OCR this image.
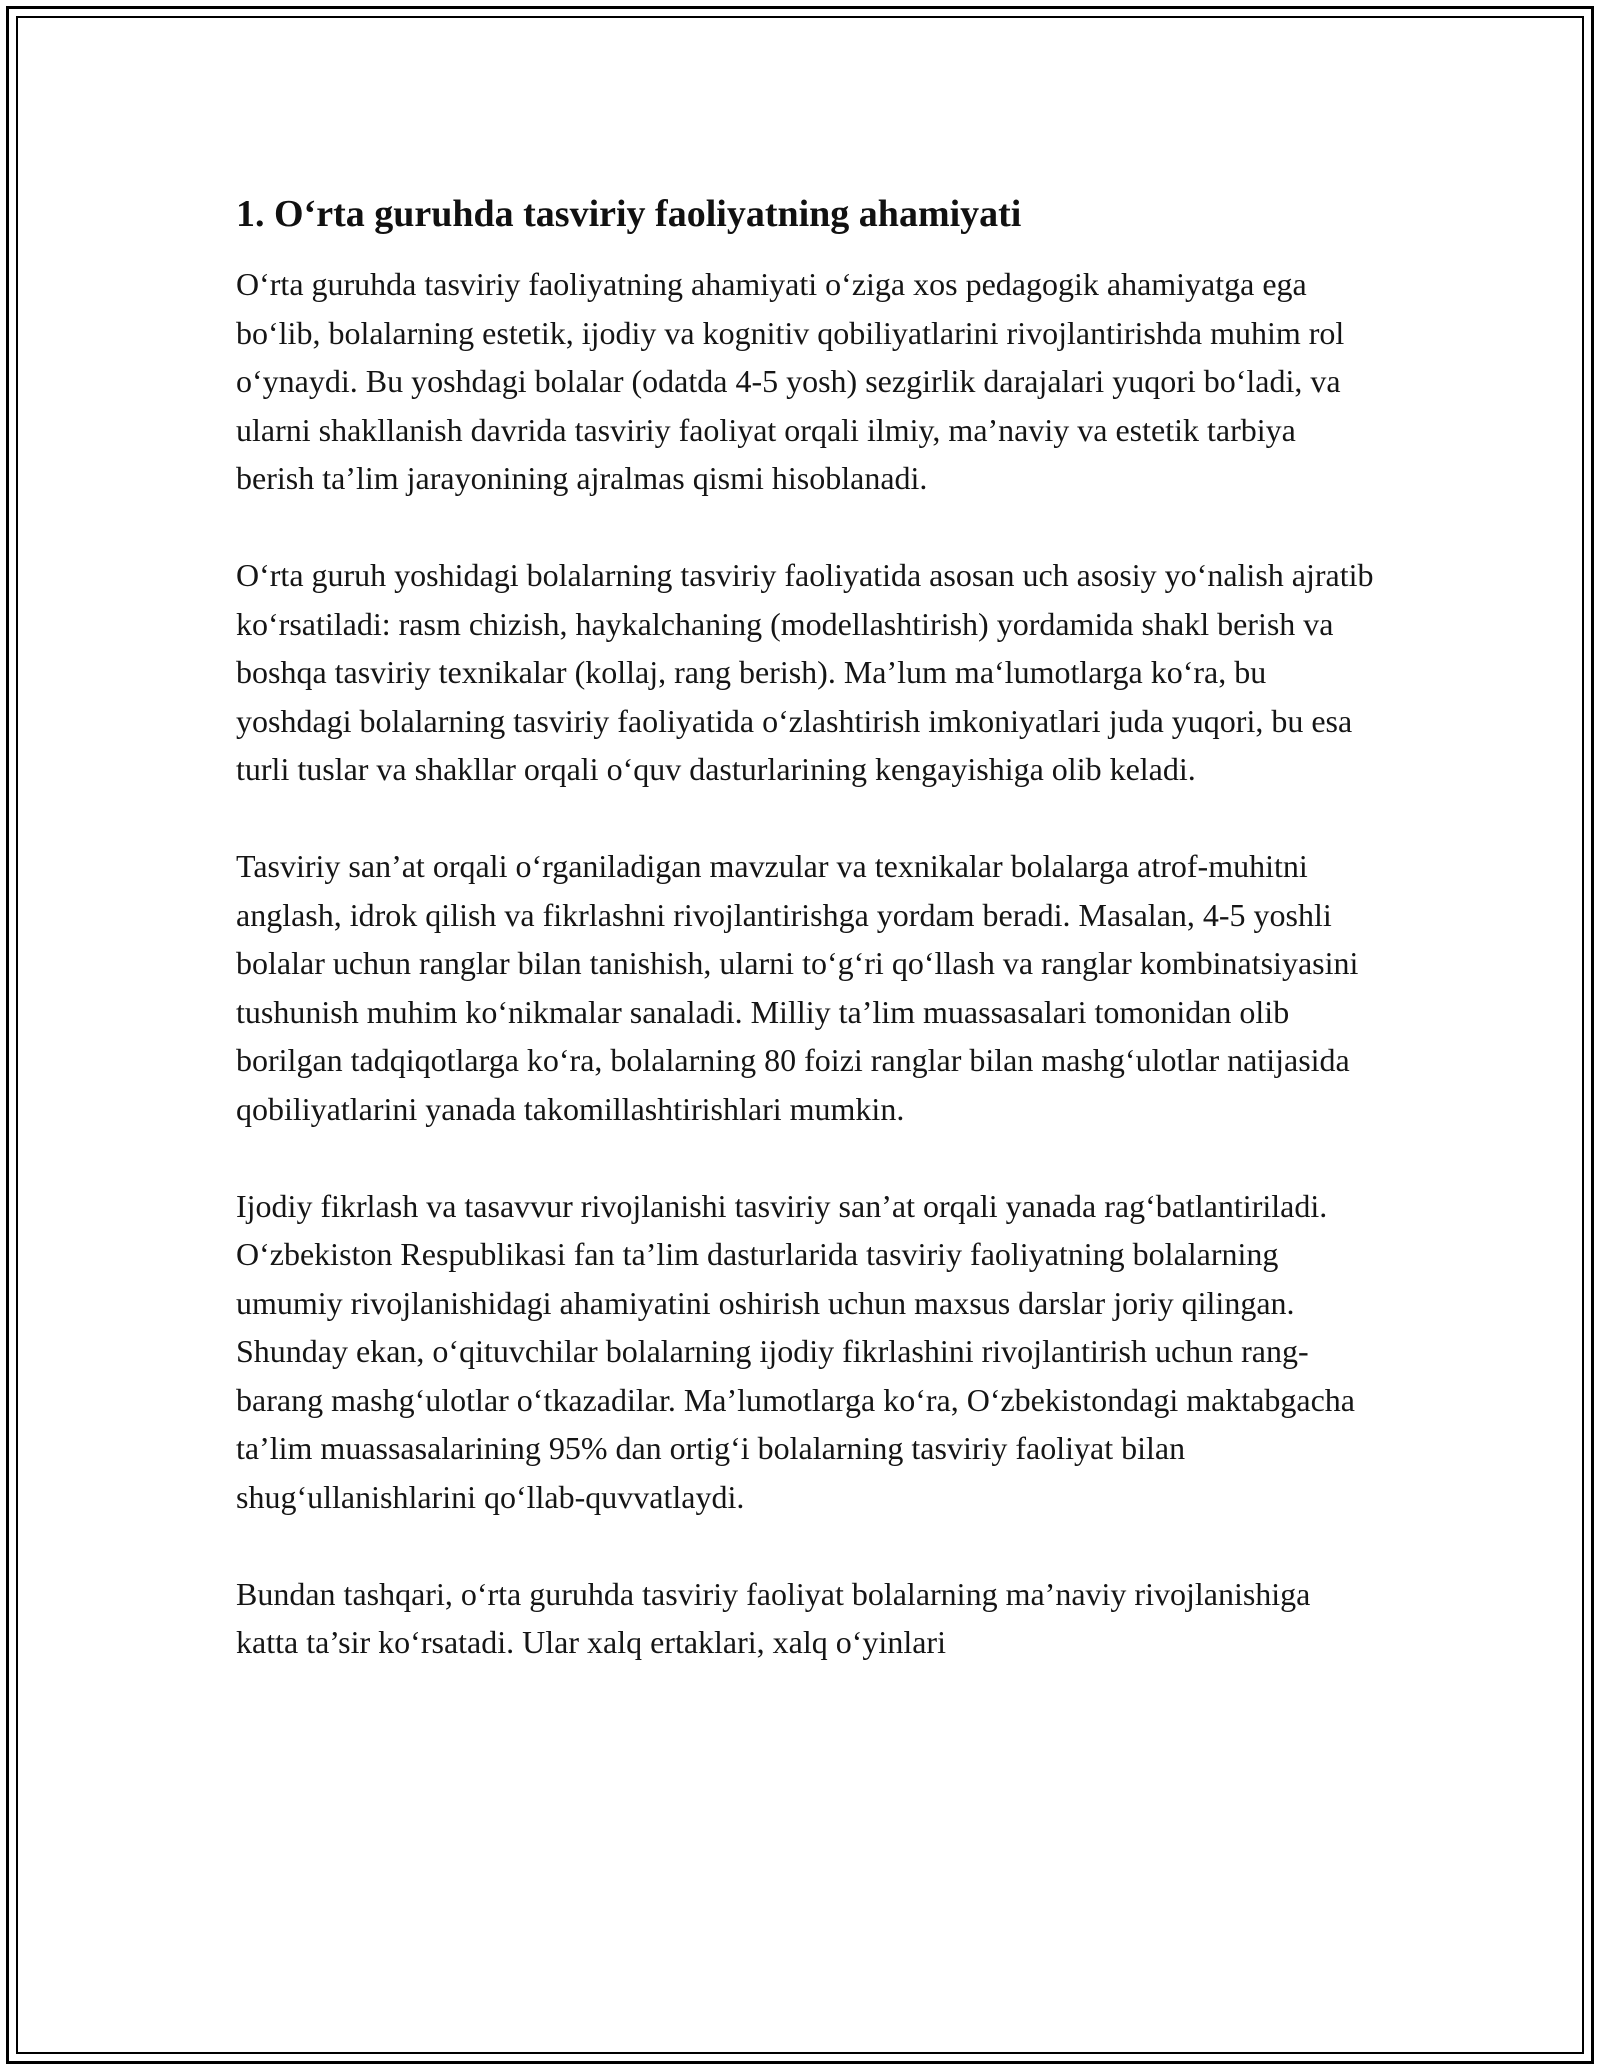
1. O‘rta guruhda tasviriy faoliyatning ahamiyati

O‘rta guruhda tasviriy faoliyatning ahamiyati o‘ziga xos pedagogik ahamiyatga ega bo‘lib, bolalarning estetik, ijodiy va kognitiv qobiliyatlarini rivojlantirishda muhim rol o‘ynaydi. Bu yoshdagi bolalar (odatda 4-5 yosh) sezgirlik darajalari yuqori bo‘ladi, va ularni shakllanish davrida tasviriy faoliyat orqali ilmiy, ma’naviy va estetik tarbiya berish ta’lim jarayonining ajralmas qismi hisoblanadi.

O‘rta guruh yoshidagi bolalarning tasviriy faoliyatida asosan uch asosiy yo‘nalish ajratib ko‘rsatiladi: rasm chizish, haykalchaning (modellashtirish) yordamida shakl berish va boshqa tasviriy texnikalar (kollaj, rang berish). Ma’lum ma‘lumotlarga ko‘ra, bu yoshdagi bolalarning tasviriy faoliyatida o‘zlashtirish imkoniyatlari juda yuqori, bu esa turli tuslar va shakllar orqali o‘quv dasturlarining kengayishiga olib keladi.

Tasviriy san’at orqali o‘rganiladigan mavzular va texnikalar bolalarga atrof-muhitni anglash, idrok qilish va fikrlashni rivojlantirishga yordam beradi. Masalan, 4-5 yoshli bolalar uchun ranglar bilan tanishish, ularni to‘g‘ri qo‘llash va ranglar kombinatsiyasini tushunish muhim ko‘nikmalar sanaladi. Milliy ta’lim muassasalari tomonidan olib borilgan tadqiqotlarga ko‘ra, bolalarning 80 foizi ranglar bilan mashg‘ulotlar natijasida qobiliyatlarini yanada takomillashtirishlari mumkin.

Ijodiy fikrlash va tasavvur rivojlanishi tasviriy san’at orqali yanada rag‘batlantiriladi. O‘zbekiston Respublikasi fan ta’lim dasturlarida tasviriy faoliyatning bolalarning umumiy rivojlanishidagi ahamiyatini oshirish uchun maxsus darslar joriy qilingan. Shunday ekan, o‘qituvchilar bolalarning ijodiy fikrlashini rivojlantirish uchun rang-barang mashg‘ulotlar o‘tkazadilar. Ma’lumotlarga ko‘ra, O‘zbekistondagi maktabgacha ta’lim muassasalarining 95% dan ortig‘i bolalarning tasviriy faoliyat bilan shug‘ullanishlarini qo‘llab-quvvatlaydi.

Bundan tashqari, o‘rta guruhda tasviriy faoliyat bolalarning ma’naviy rivojlanishiga katta ta’sir ko‘rsatadi. Ular xalq ertaklari, xalq o‘yinlari
